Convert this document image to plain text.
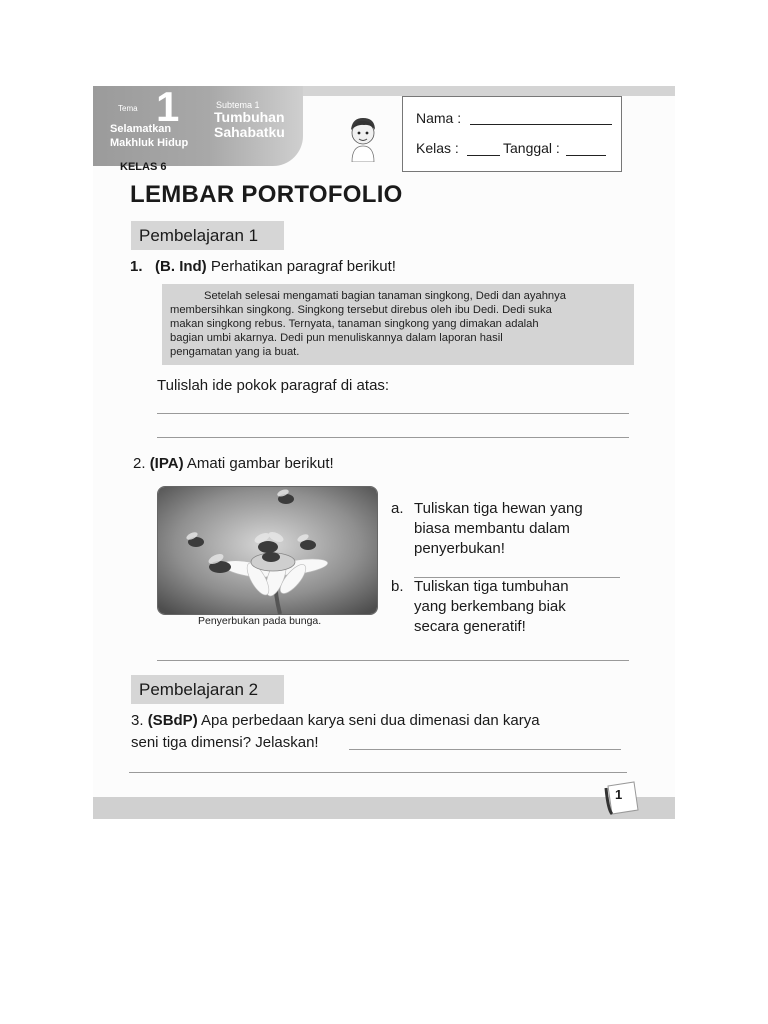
Tema 1
Selamatkan
Makhluk Hidup
Subtema 1
Tumbuhan
Sahabatku
KELAS 6
Nama :
Kelas :	Tanggal :
LEMBAR PORTOFOLIO
Pembelajaran 1
1. (B. Ind) Perhatikan paragraf berikut!
Setelah selesai mengamati bagian tanaman singkong, Dedi dan ayahnya
membersihkan singkong. Singkong tersebut direbus oleh ibu Dedi. Dedi suka
makan singkong rebus. Ternyata, tanaman singkong yang dimakan adalah
bagian umbi akarnya. Dedi pun menuliskannya dalam laporan hasil
pengamatan yang ia buat.
Tulislah ide pokok paragraf di atas:
2. (IPA) Amati gambar berikut!
Penyerbukan pada bunga.
a. Tuliskan tiga hewan yang
biasa membantu dalam
penyerbukan!
b. Tuliskan tiga tumbuhan
yang berkembang biak
secara generatif!
Pembelajaran 2
3. (SBdP) Apa perbedaan karya seni dua dimenasi dan karya
seni tiga dimensi? Jelaskan!
1
